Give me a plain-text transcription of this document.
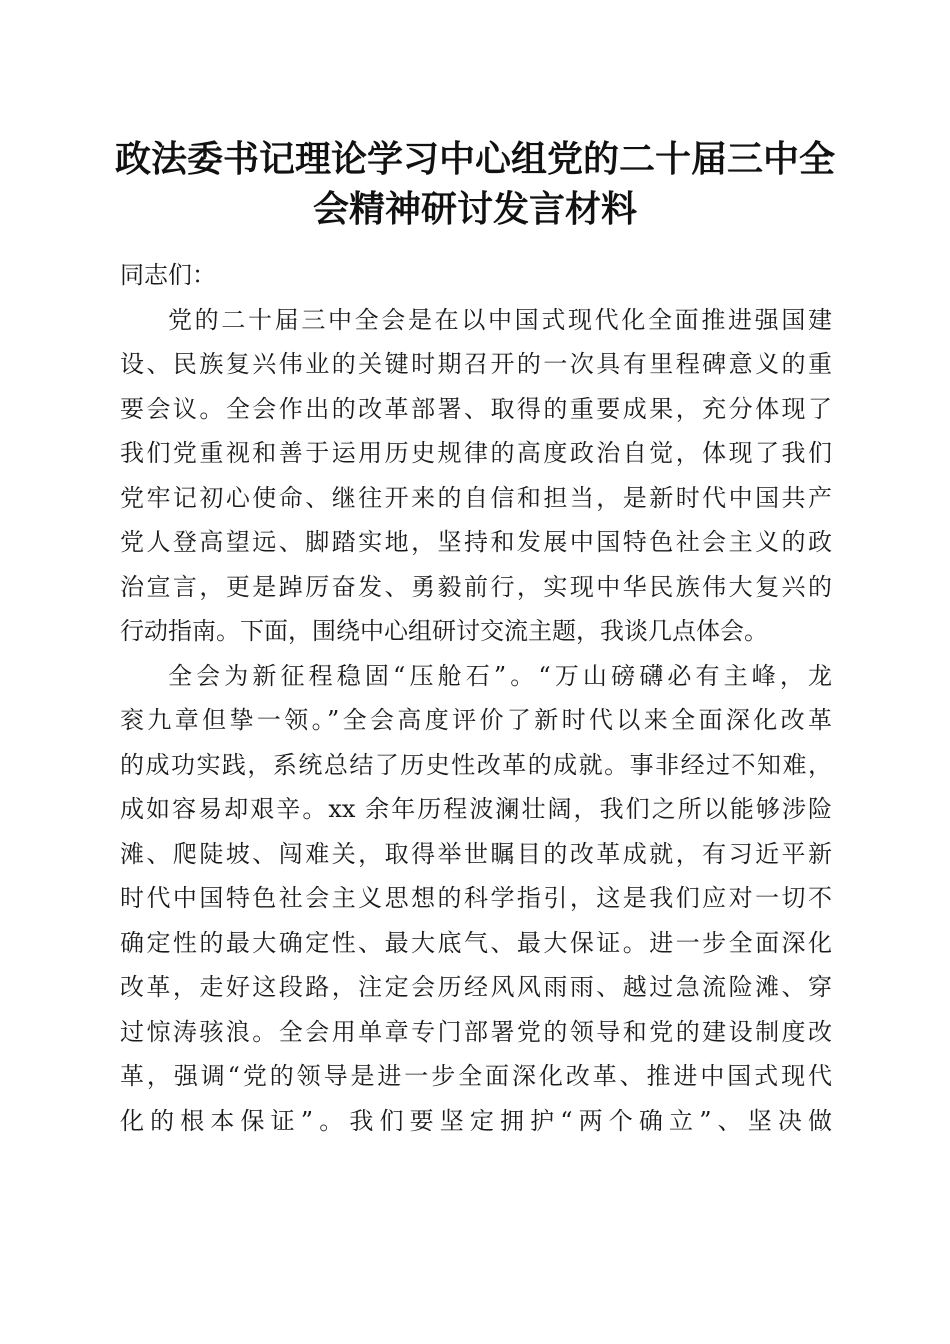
政法委书记理论学习中心组党的二十届三中全
会精神研讨发言材料
同志们：
党的二十届三中全会是在以中国式现代化全面推进强国建
设、民族复兴伟业的关键时期召开的一次具有里程碑意义的重
要会议。全会作出的改革部署、取得的重要成果，充分体现了
我们党重视和善于运用历史规律的高度政治自觉，体现了我们
党牢记初心使命、继往开来的自信和担当，是新时代中国共产
党人登高望远、脚踏实地，坚持和发展中国特色社会主义的政
治宣言，更是踔厉奋发、勇毅前行，实现中华民族伟大复兴的
行动指南。下面，围绕中心组研讨交流主题，我谈几点体会。
全会为新征程稳固“压舱石”。“万山磅礴必有主峰，龙
衮九章但挚一领。”全会高度评价了新时代以来全面深化改革
的成功实践，系统总结了历史性改革的成就。事非经过不知难，
成如容易却艰辛。xx 余年历程波澜壮阔，我们之所以能够涉险
滩、爬陡坡、闯难关，取得举世瞩目的改革成就，有习近平新
时代中国特色社会主义思想的科学指引，这是我们应对一切不
确定性的最大确定性、最大底气、最大保证。进一步全面深化
改革，走好这段路，注定会历经风风雨雨、越过急流险滩、穿
过惊涛骇浪。全会用单章专门部署党的领导和党的建设制度改
革，强调“党的领导是进一步全面深化改革、推进中国式现代
化的根本保证”。我们要坚定拥护“两个确立”、坚决做
